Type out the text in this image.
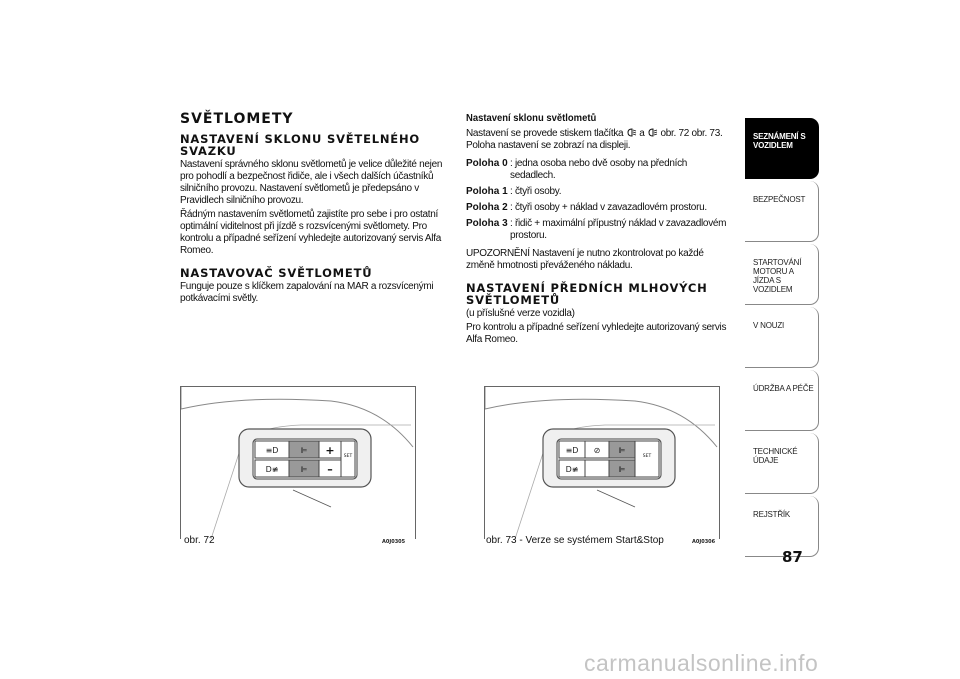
SVĚTLOMETY
NASTAVENÍ SKLONU SVĚTELNÉHO SVAZKU

Nastavení správného sklonu světlometů je velice důležité nejen pro pohodlí a bezpečnost řidiče, ale i všech dalších účastníků silničního provozu. Nastavení světlometů je předepsáno v Pravidlech silničního provozu.

Řádným nastavením světlometů zajistíte pro sebe i pro ostatní optimální viditelnost při jízdě s rozsvícenými světlomety. Pro kontrolu a případné seřízení vyhledejte autorizovaný servis Alfa Romeo.

NASTAVOVAČ SVĚTLOMETŮ

Funguje pouze s klíčkem zapalování na MAR a rozsvícenými potkávacími světly.

Nastavení sklonu světlometů

Nastavení se provede stiskem tlačítka a obr. 72 obr. 73.
Poloha nastavení se zobrazí na displeji.

Poloha 0 : jedna osoba nebo dvě osoby na předních sedadlech.
Poloha 1 : čtyři osoby.
Poloha 2 : čtyři osoby + náklad v zavazadlovém prostoru.
Poloha 3 : řidič + maximální přípustný náklad v zavazadlovém prostoru.

UPOZORNĚNÍ Nastavení je nutno zkontrolovat po každé změně hmotnosti převáženého nákladu.

NASTAVENÍ PŘEDNÍCH MLHOVÝCH SVĚTLOMETŮ

(u příslušné verze vozidla)

Pro kontrolu a případné seřízení vyhledejte autorizovaný servis Alfa Romeo.

≡D
D≢
⊫
⊫
+
–
SET
obr. 72	A0J0305
≡D
D≢
⊘ ⊫
⊫
SET
obr. 73 - Verze se systémem Start&Stop	A0J0306
SEZNÁMENÍ S VOZIDLEM
BEZPEČNOST
STARTOVÁNÍ MOTORU A JÍZDA S VOZIDLEM
V NOUZI
ÚDRŽBA A PÉČE
TECHNICKÉ ÚDAJE
REJSTŘÍK
87
carmanualsonline.info
